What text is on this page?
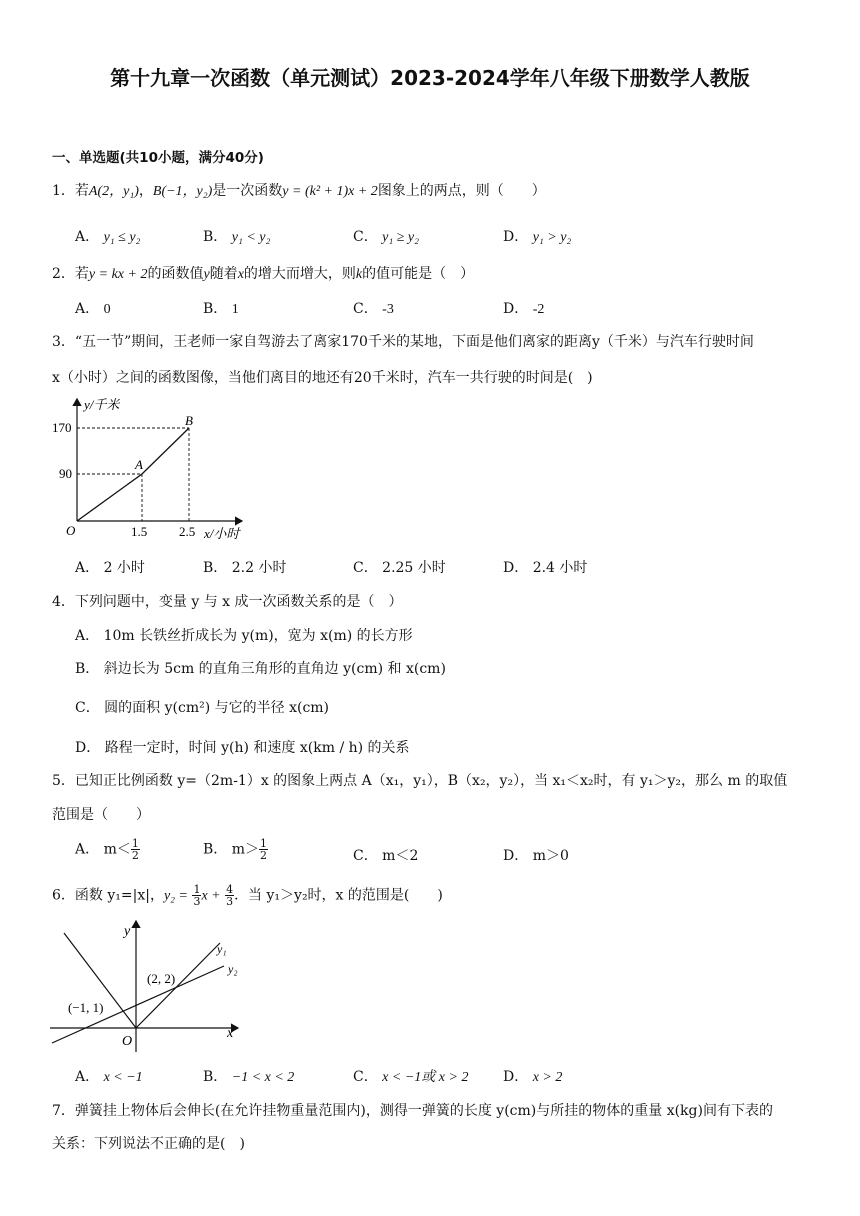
第十九章一次函数（单元测试）2023-2024学年八年级下册数学人教版
一、单选题(共10小题，满分40分)
1．若A(2，y₁)，B(−1，y₂)是一次函数y = (k² + 1)x + 2图象上的两点，则（　　）
A． y₁ ≤ y₂	B． y₁ < y₂	C． y₁ ≥ y₂	D． y₁ > y₂
2．若y = kx + 2的函数值y随着x的增大而增大，则k的值可能是（　）
A． 0	B． 1	C． -3	D． -2
3．“五一节”期间，王老师一家自驾游去了离家170千米的某地，下面是他们离家的距离y（千米）与汽车行驶时间
x（小时）之间的函数图像，当他们离目的地还有20千米时，汽车一共行驶的时间是(　)
y/千米
170
90
O	1.5 2.5 x/小时
A
B
A． 2 小时	B． 2.2 小时	C． 2.25 小时	D． 2.4 小时
4．下列问题中，变量 y 与 x 成一次函数关系的是（　）
A． 10m 长铁丝折成长为 y(m)，宽为 x(m) 的长方形
B． 斜边长为 5cm 的直角三角形的直角边 y(cm) 和 x(cm)
C． 圆的面积 y(cm²) 与它的半径 x(cm)
D． 路程一定时，时间 y(h) 和速度 x(km / h) 的关系
5．已知正比例函数 y=（2m-1）x 的图象上两点 A（x₁，y₁），B（x₂，y₂），当 x₁＜x₂时，有 y₁＞y₂，那么 m 的取值
范围是（　　）
A． $m< \frac{1}{2}$	B． $m> \frac{1}{2}$	C． m＜2	D． m＞0
6．函数 y₁=|x|，$y_2 = \frac{1}{3}$ $x + \frac{4}{3}$ ．当 y₁＞y₂时，x 的范围是(　　)
y
x
O
y₁
y₂
(2, 2)
(−1, 1)
A． x < −1	B． −1 < x < 2	C． x < −1或 x > 2 D． x > 2
7．弹簧挂上物体后会伸长(在允许挂物重量范围内)，测得一弹簧的长度 y(cm)与所挂的物体的重量 x(kg)间有下表的
关系：下列说法不正确的是(　)
